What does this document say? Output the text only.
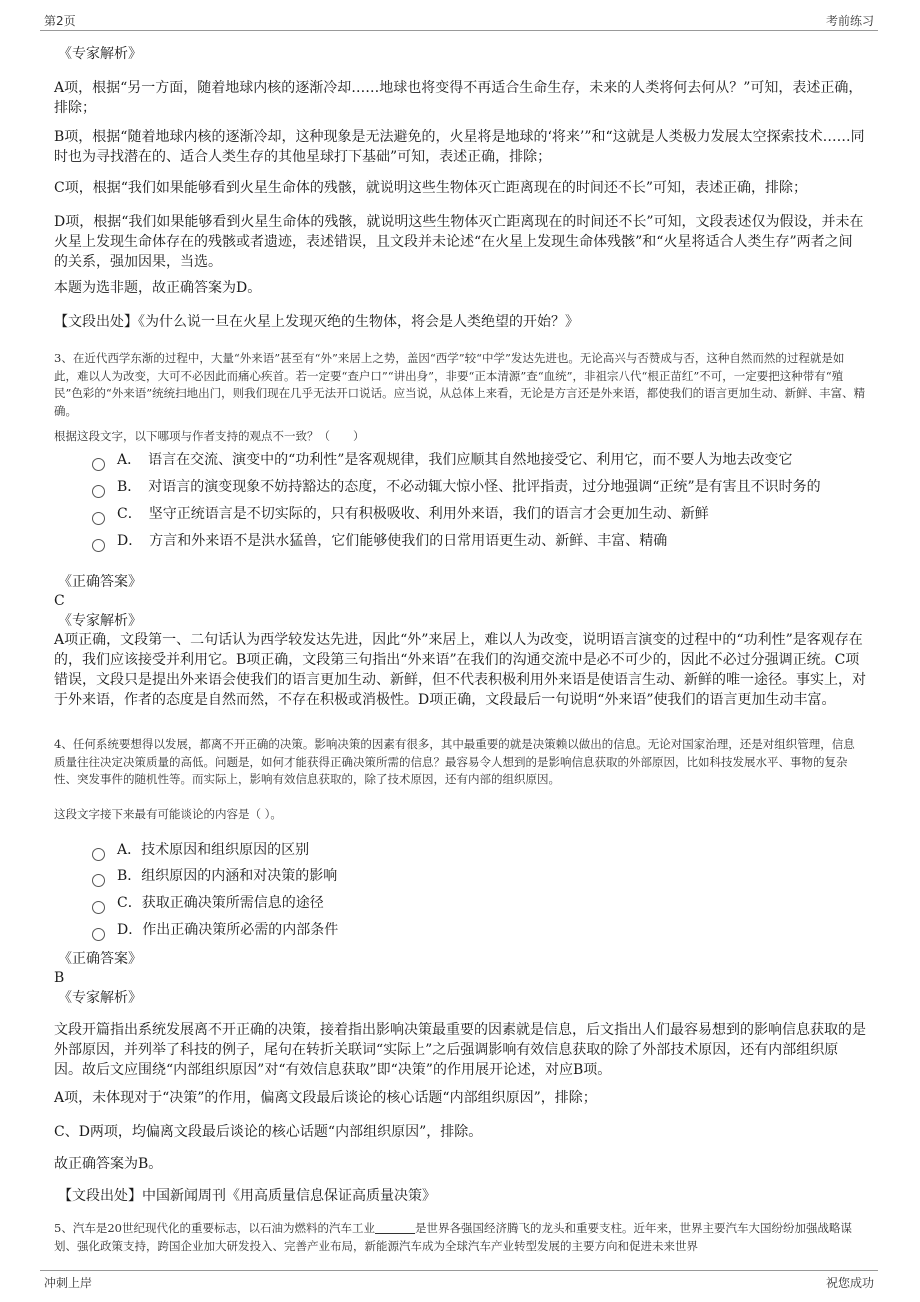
第2页	考前练习
《专家解析》
A项，根据“另一方面，随着地球内核的逐渐冷却……地球也将变得不再适合生命生存，未来的人类将何去何从？”可知，表述正确，排除；
B项，根据“随着地球内核的逐渐冷却，这种现象是无法避免的，火星将是地球的‘将来’”和“这就是人类极力发展太空探索技术……同时也为寻找潜在的、适合人类生存的其他星球打下基础”可知，表述正确，排除；
C项，根据“我们如果能够看到火星生命体的残骸，就说明这些生物体灭亡距离现在的时间还不长”可知，表述正确，排除；
D项，根据“我们如果能够看到火星生命体的残骸，就说明这些生物体灭亡距离现在的时间还不长”可知，文段表述仅为假设，并未在火星上发现生命体存在的残骸或者遗迹，表述错误，且文段并未论述“在火星上发现生命体残骸”和“火星将适合人类生存”两者之间的关系，强加因果，当选。
本题为选非题，故正确答案为D。
【文段出处】《为什么说一旦在火星上发现灭绝的生物体，将会是人类绝望的开始？》
3、在近代西学东渐的过程中，大量“外来语”甚至有“外”来居上之势，盖因“西学”较“中学”发达先进也。无论高兴与否赞成与否，这种自然而然的过程就是如此，难以人为改变，大可不必因此而痛心疾首。若一定要“查户口”“讲出身”，非要“正本清源”查“血统”，非祖宗八代“根正苗红”不可，一定要把这种带有“殖民”色彩的“外来语”统统扫地出门，则我们现在几乎无法开口说话。应当说，从总体上来看，无论是方言还是外来语，都使我们的语言更加生动、新鲜、丰富、精确。
根据这段文字，以下哪项与作者支持的观点不一致？（　　）
A．　语言在交流、演变中的“功利性”是客观规律，我们应顺其自然地接受它、利用它，而不要人为地去改变它
B．　对语言的演变现象不妨持豁达的态度，不必动辄大惊小怪、批评指责，过分地强调“正统”是有害且不识时务的
C．　坚守正统语言是不切实际的，只有积极吸收、利用外来语，我们的语言才会更加生动、新鲜
D．　方言和外来语不是洪水猛兽，它们能够使我们的日常用语更生动、新鲜、丰富、精确
《正确答案》
C
《专家解析》
A项正确，文段第一、二句话认为西学较发达先进，因此“外”来居上，难以人为改变，说明语言演变的过程中的“功利性”是客观存在的，我们应该接受并利用它。B项正确，文段第三句指出“外来语”在我们的沟通交流中是必不可少的，因此不必过分强调正统。C项错误，文段只是提出外来语会使我们的语言更加生动、新鲜，但不代表积极利用外来语是使语言生动、新鲜的唯一途径。事实上，对于外来语，作者的态度是自然而然，不存在积极或消极性。D项正确，文段最后一句说明“外来语”使我们的语言更加生动丰富。
4、任何系统要想得以发展，都离不开正确的决策。影响决策的因素有很多，其中最重要的就是决策赖以做出的信息。无论对国家治理，还是对组织管理，信息质量往往决定决策质量的高低。问题是，如何才能获得正确决策所需的信息？最容易令人想到的是影响信息获取的外部原因，比如科技发展水平、事物的复杂性、突发事件的随机性等。而实际上，影响有效信息获取的，除了技术原因，还有内部的组织原因。
这段文字接下来最有可能谈论的内容是（ ）。
A．技术原因和组织原因的区别
B．组织原因的内涵和对决策的影响
C．获取正确决策所需信息的途径
D．作出正确决策所必需的内部条件
《正确答案》
B
《专家解析》
文段开篇指出系统发展离不开正确的决策，接着指出影响决策最重要的因素就是信息，后文指出人们最容易想到的影响信息获取的是外部原因，并列举了科技的例子，尾句在转折关联词“实际上”之后强调影响有效信息获取的除了外部技术原因，还有内部组织原因。故后文应围绕“内部组织原因”对“有效信息获取”即“决策”的作用展开论述，对应B项。
A项，未体现对于“决策”的作用，偏离文段最后谈论的核心话题“内部组织原因”，排除；
C、D两项，均偏离文段最后谈论的核心话题“内部组织原因”，排除。
故正确答案为B。
【文段出处】中国新闻周刊《用高质量信息保证高质量决策》
5、汽车是20世纪现代化的重要标志，以石油为燃料的汽车工业	是世界各强国经济腾飞的龙头和重要支柱。近年来，世界主要汽车大国纷纷加强战略谋划、强化政策支持，跨国企业加大研发投入、完善产业布局，新能源汽车成为全球汽车产业转型发展的主要方向和促进未来世界
冲刺上岸	祝您成功
